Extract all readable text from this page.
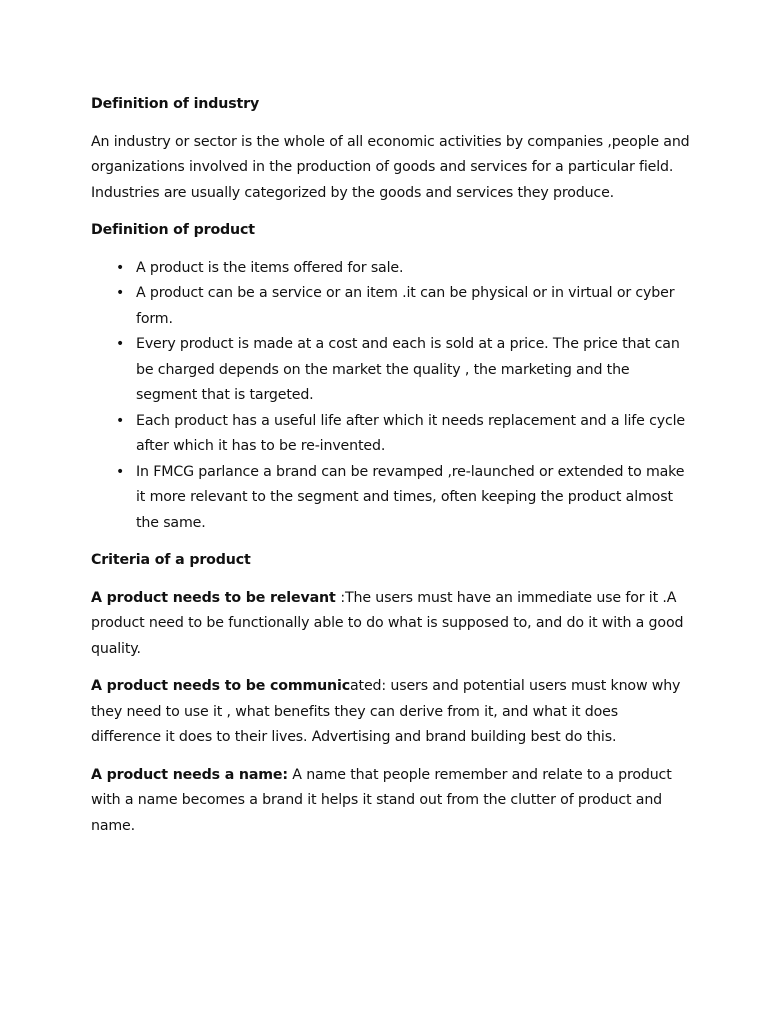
Definition of industry

An industry or sector is the whole of all economic activities by companies ,people and organizations involved in the production of goods and services for a particular field. Industries are usually categorized by the goods and services they produce.

Definition of product

• A product is the items offered for sale.
• A product can be a service or an item .it can be physical or in virtual or cyber form.
• Every product is made at a cost and each is sold at a price. The price that can be charged depends on the market the quality , the marketing and the segment that is targeted.
• Each product has a useful life after which it needs replacement and a life cycle after which it has to be re-invented.
• In FMCG parlance a brand can be revamped ,re-launched or extended to make it more relevant to the segment and times, often keeping the product almost the same.

Criteria of a product

A product needs to be relevant :The users must have an immediate use for it .A product need to be functionally able to do what is supposed to, and do it with a good quality.

A product needs to be communicated: users and potential users must know why they need to use it , what benefits they can derive from it, and what it does difference it does to their lives. Advertising and brand building best do this.

A product needs a name: A name that people remember and relate to a product with a name becomes a brand it helps it stand out from the clutter of product and name.
